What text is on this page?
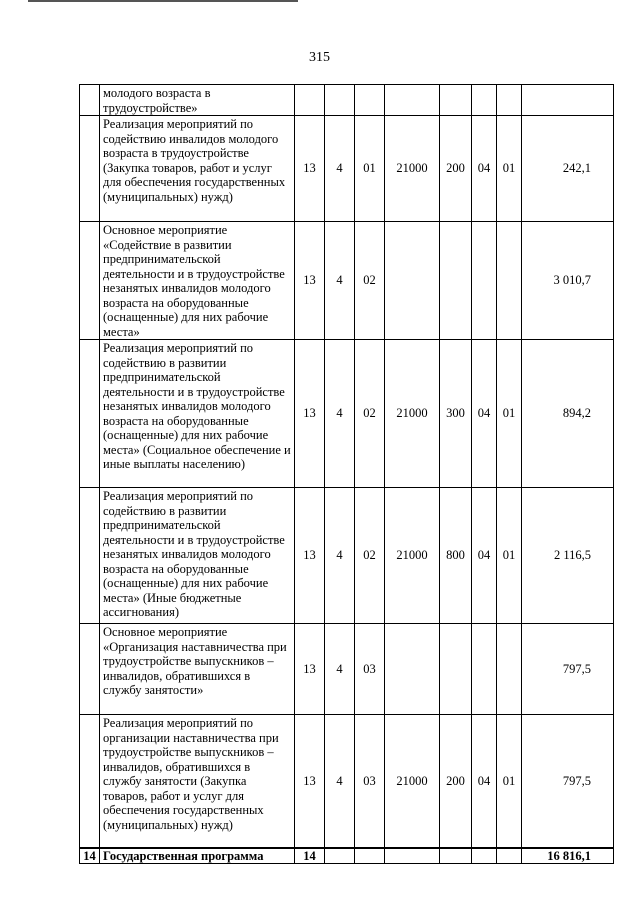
315
	молодого возраста в трудоустройстве»								
	Реализация мероприятий по содействию инвалидов молодого возраста в трудоустройстве (Закупка товаров, работ и услуг для обеспечения государственных (муниципальных) нужд)	13	4	01	21000	200	04	01	242,1
	Основное мероприятие «Содействие в развитии предпринимательской деятельности и в трудоустройстве незанятых инвалидов молодого возраста на оборудованные (оснащенные) для них рабочие места»	13	4	02					3 010,7
	Реализация мероприятий по содействию в развитии предпринимательской деятельности и в трудоустройстве незанятых инвалидов молодого возраста на оборудованные (оснащенные) для них рабочие места» (Социальное обеспечение и иные выплаты населению)	13	4	02	21000	300	04	01	894,2
	Реализация мероприятий по содействию в развитии предпринимательской деятельности и в трудоустройстве незанятых инвалидов молодого возраста на оборудованные (оснащенные) для них рабочие места» (Иные бюджетные ассигнования)	13	4	02	21000	800	04	01	2 116,5
	Основное мероприятие «Организация наставничества при трудоустройстве выпускников – инвалидов, обратившихся в службу занятости»	13	4	03					797,5
	Реализация мероприятий по организации наставничества при трудоустройстве выпускников – инвалидов, обратившихся в службу занятости (Закупка товаров, работ и услуг для обеспечения государственных (муниципальных) нужд)	13	4	03	21000	200	04	01	797,5
14	Государственная программа	14							16 816,1
